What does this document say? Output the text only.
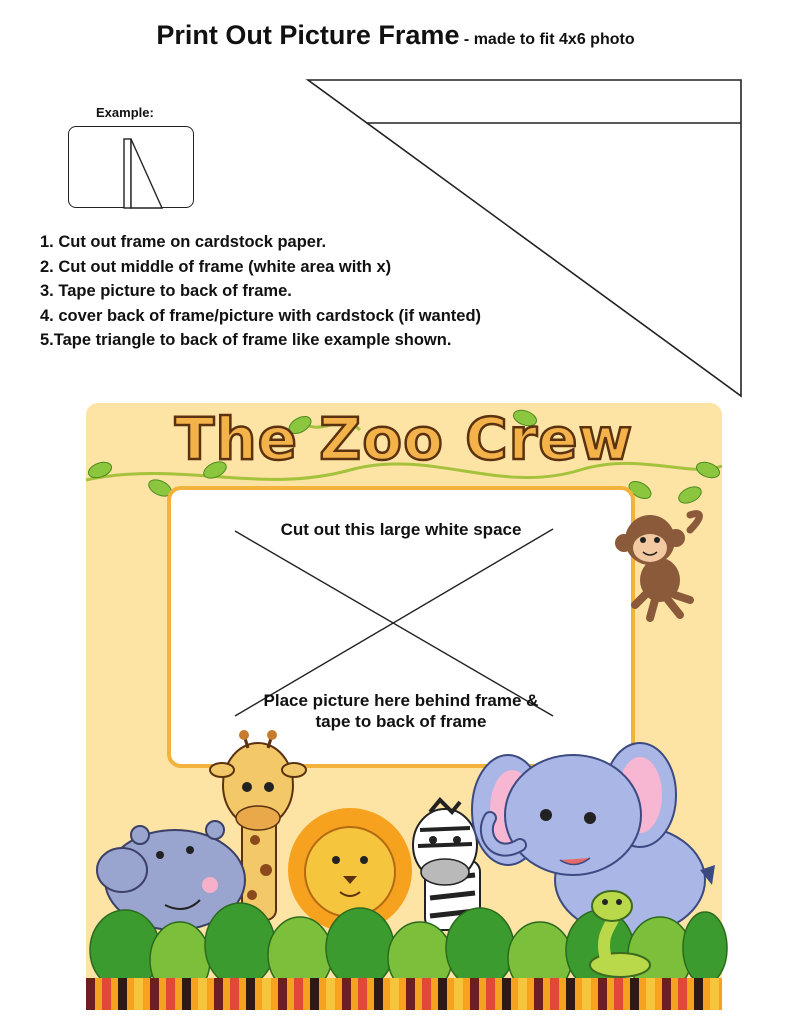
Print Out Picture Frame - made to fit 4x6 photo
Example:
1. Cut out frame on cardstock paper.
2. Cut out middle of frame (white area with x)
3. Tape picture to back of frame.
4. cover back of frame/picture with cardstock (if wanted)
5.Tape triangle to back of frame like example shown.
The Zoo Crew
Cut out this large white space
Place picture here behind frame &
tape to back of frame
